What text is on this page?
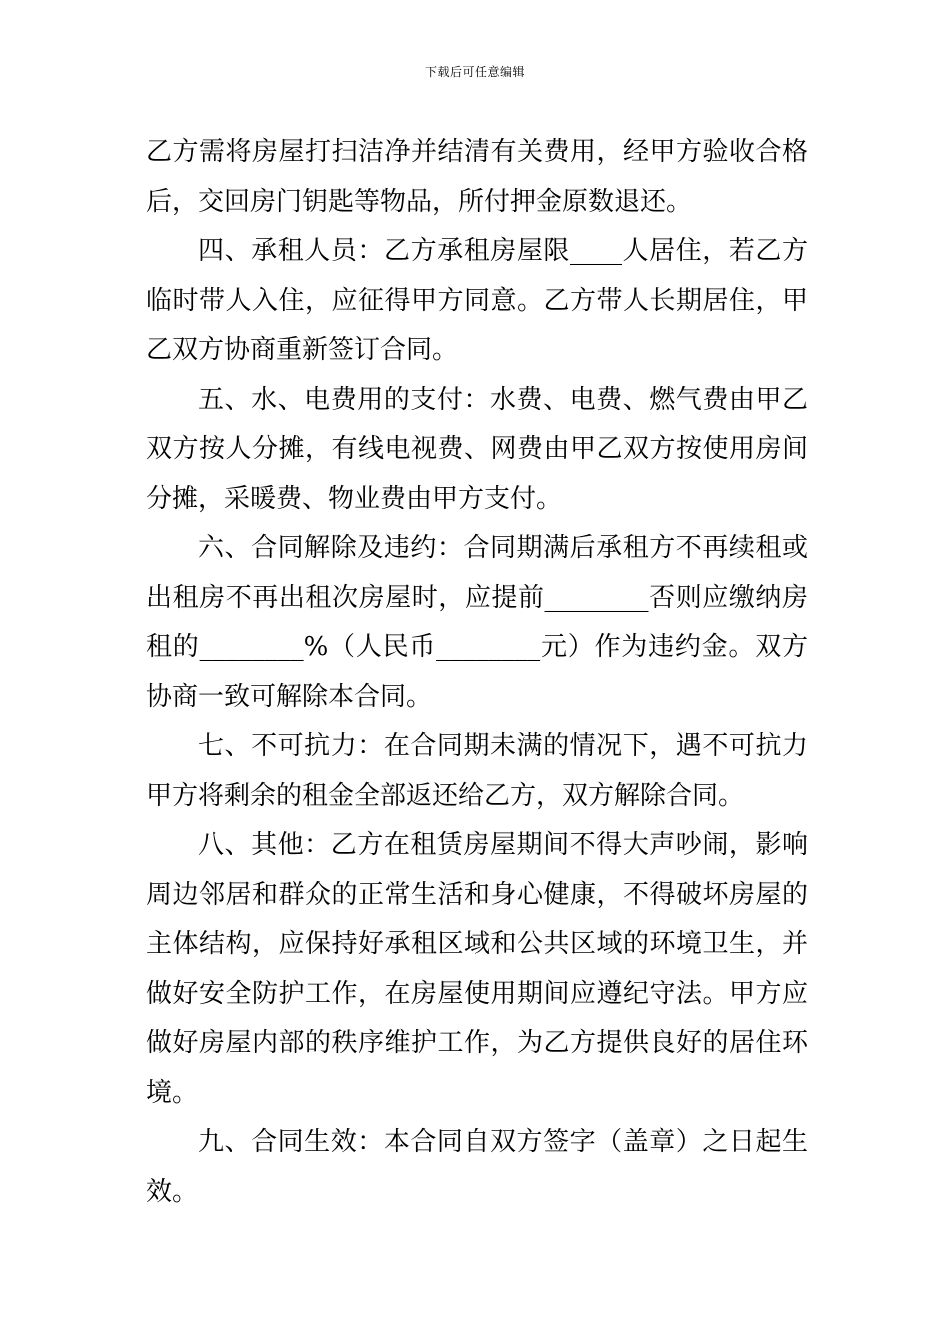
下载后可任意编辑

乙方需将房屋打扫洁净并结清有关费用，经甲方验收合格后，交回房门钥匙等物品，所付押金原数退还。

四、承租人员：乙方承租房屋限____人居住，若乙方临时带人入住，应征得甲方同意。乙方带人长期居住，甲乙双方协商重新签订合同。

五、水、电费用的支付：水费、电费、燃气费由甲乙双方按人分摊，有线电视费、网费由甲乙双方按使用房间分摊，采暖费、物业费由甲方支付。

六、合同解除及违约：合同期满后承租方不再续租或出租房不再出租次房屋时，应提前________否则应缴纳房租的________%（人民币________元）作为违约金。双方协商一致可解除本合同。

七、不可抗力：在合同期未满的情况下，遇不可抗力甲方将剩余的租金全部返还给乙方，双方解除合同。

八、其他：乙方在租赁房屋期间不得大声吵闹，影响周边邻居和群众的正常生活和身心健康，不得破坏房屋的主体结构，应保持好承租区域和公共区域的环境卫生，并做好安全防护工作，在房屋使用期间应遵纪守法。甲方应做好房屋内部的秩序维护工作，为乙方提供良好的居住环境。

九、合同生效：本合同自双方签字（盖章）之日起生效。
